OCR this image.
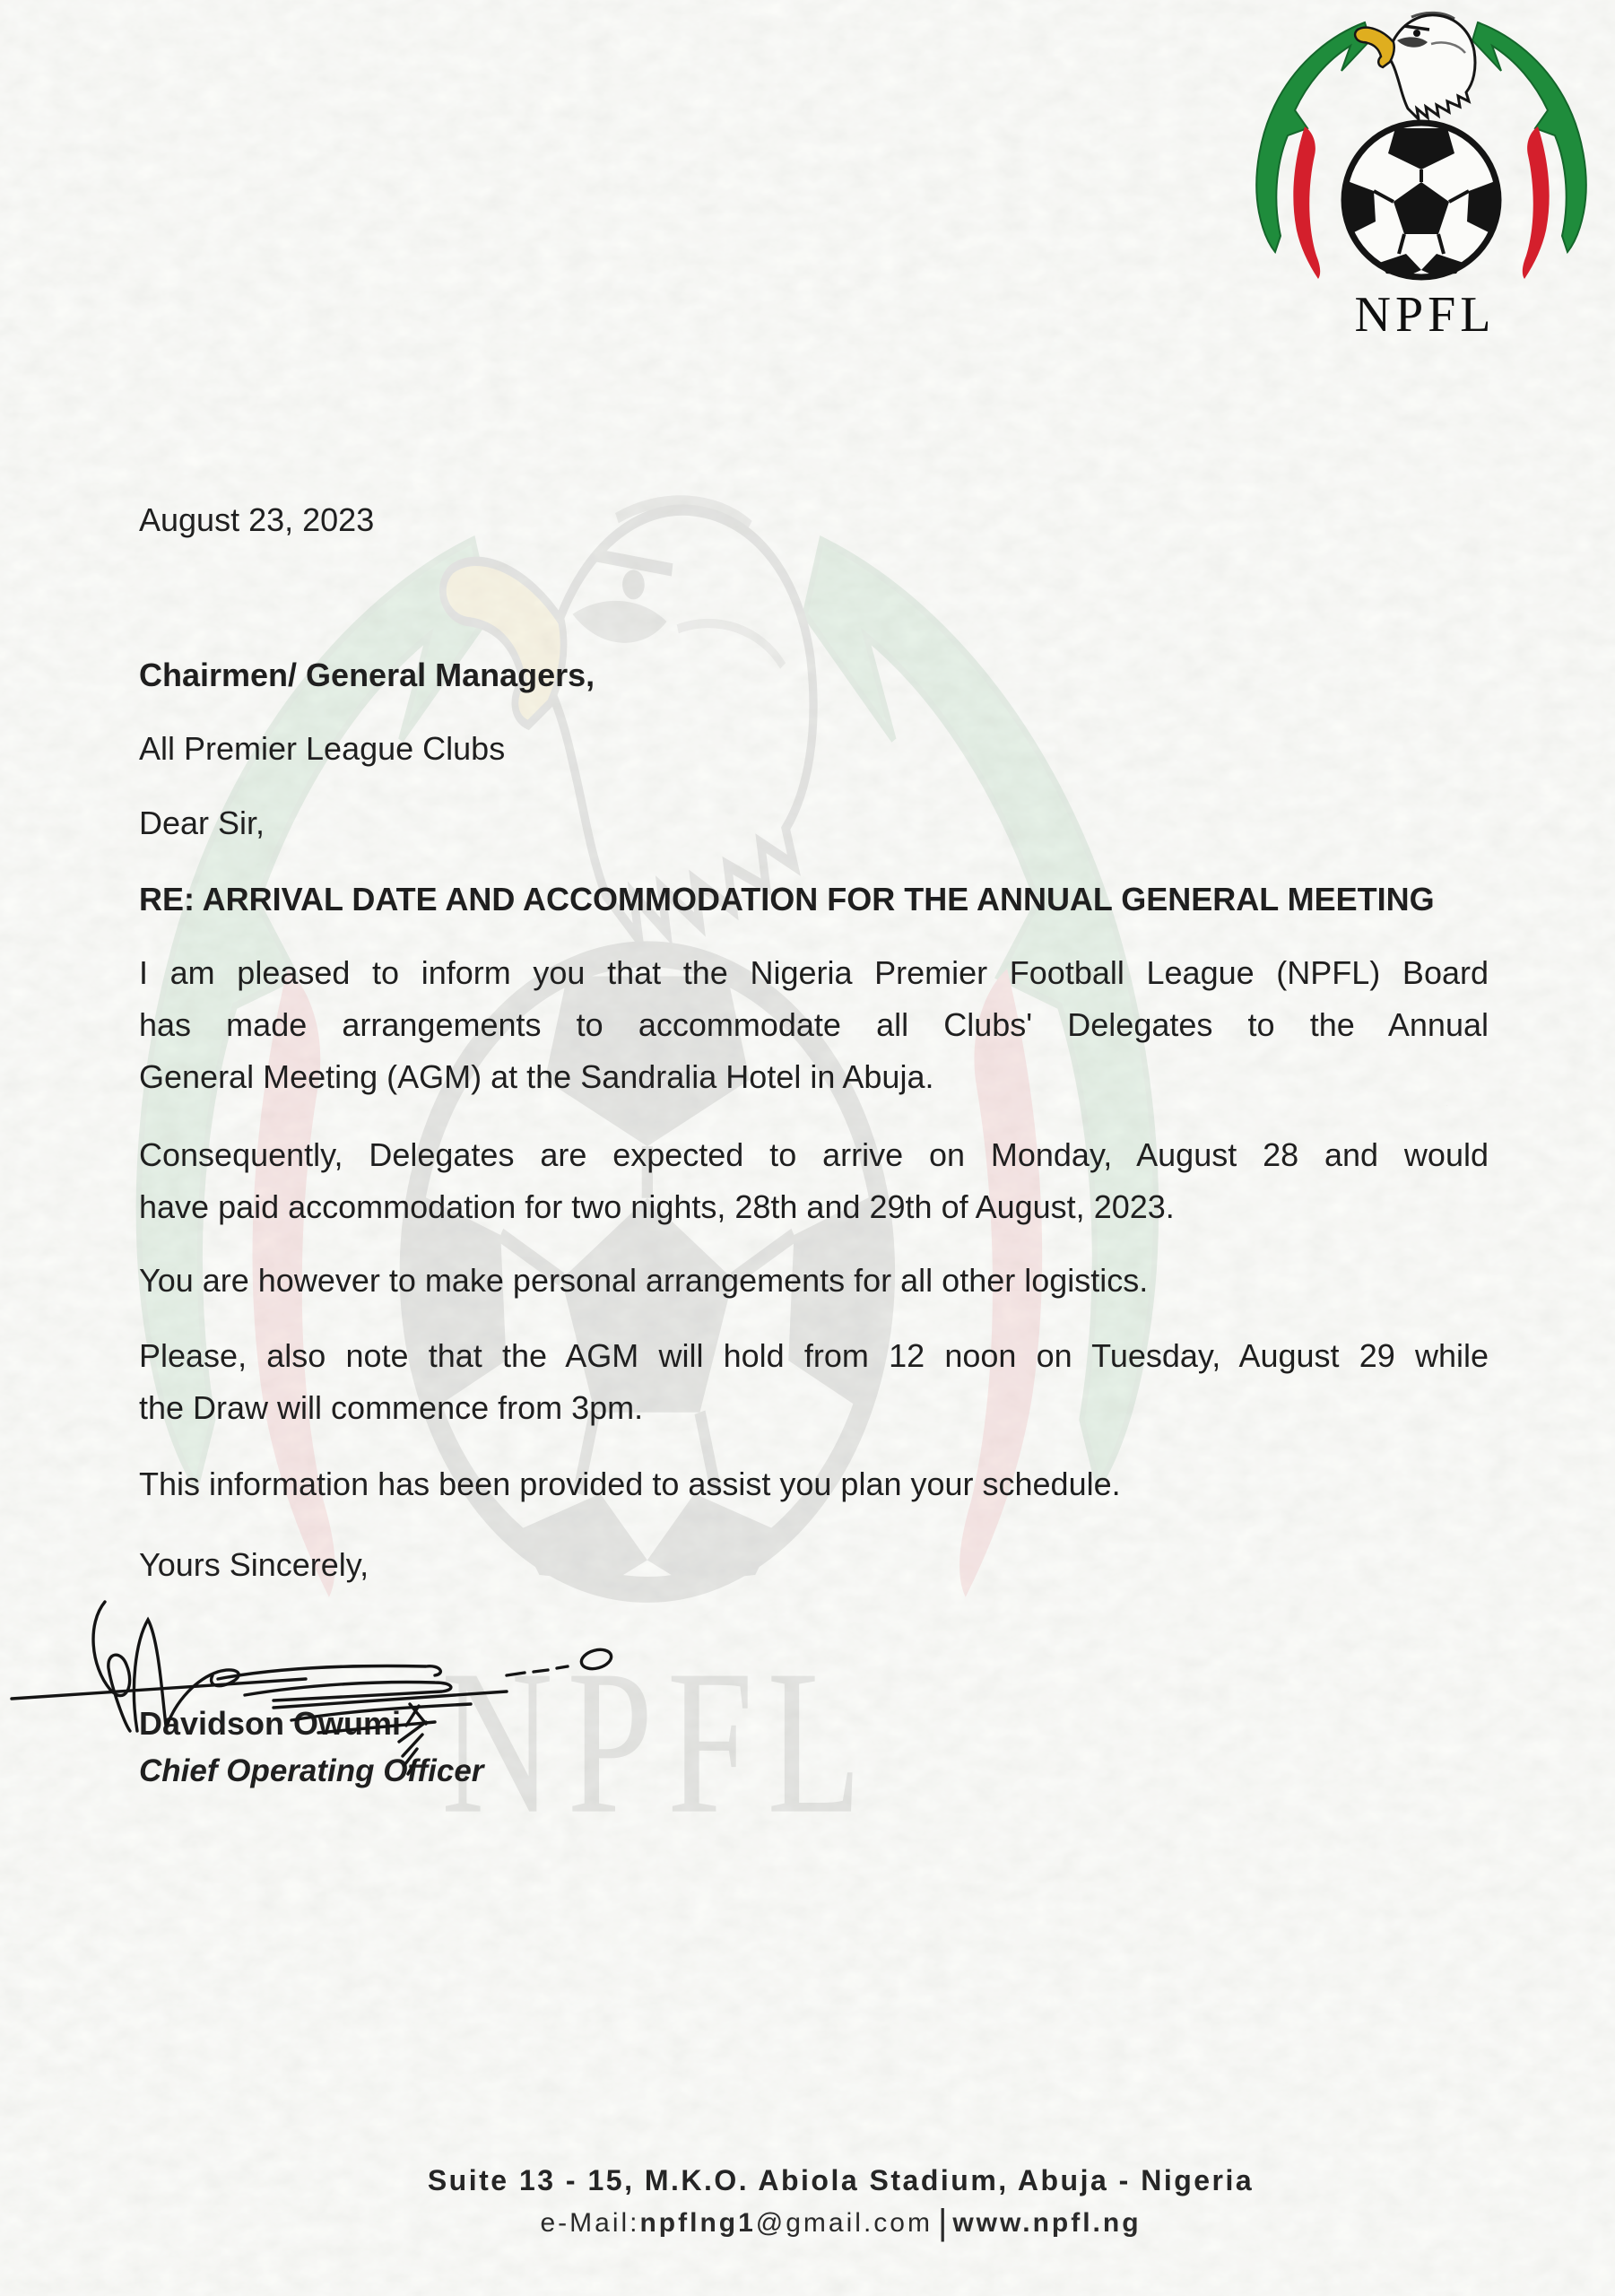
August 23, 2023
Chairmen/ General Managers,
All Premier League Clubs
Dear Sir,
RE: ARRIVAL DATE AND ACCOMMODATION FOR THE ANNUAL GENERAL MEETING
I am pleased to inform you that the Nigeria Premier Football League (NPFL) Board
has made arrangements to accommodate all Clubs' Delegates to the Annual
General Meeting (AGM) at the Sandralia Hotel in Abuja.
Consequently, Delegates are expected to arrive on Monday, August 28 and would
have paid accommodation for two nights, 28th and 29th of August, 2023.
You are however to make personal arrangements for all other logistics.
Please, also note that the AGM will hold from 12 noon on Tuesday, August 29 while
the Draw will commence from 3pm.
This information has been provided to assist you plan your schedule.
Yours Sincerely,
Davidson Owumi
Chief Operating Officer
Suite 13 - 15, M.K.O. Abiola Stadium, Abuja - Nigeria
e-Mail:npflng1@gmail.com | www.npfl.ng
